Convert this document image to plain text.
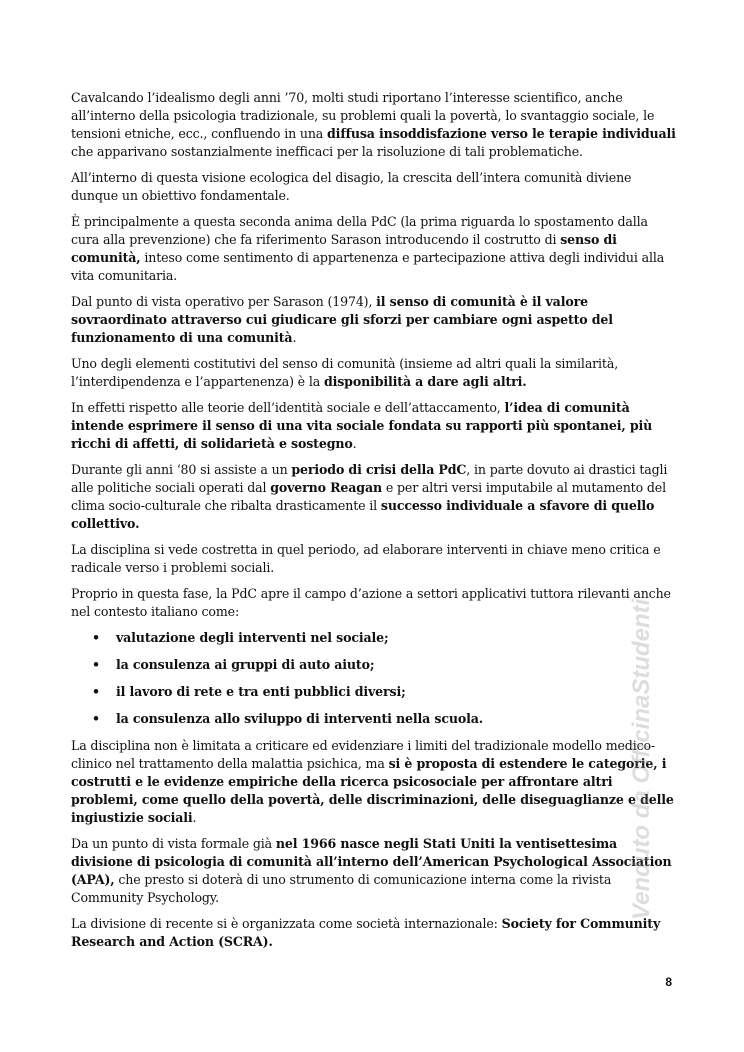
Cavalcando l’idealismo degli anni ’70, molti studi riportano l’interesse scientifico, anche all’interno della psicologia tradizionale, su problemi quali la povertà, lo svantaggio sociale, le tensioni etniche, ecc., confluendo in una diffusa insoddisfazione verso le terapie individuali che apparivano sostanzialmente inefficaci per la risoluzione di tali problematiche.

All’interno di questa visione ecologica del disagio, la crescita dell’intera comunità diviene dunque un obiettivo fondamentale.

È principalmente a questa seconda anima della PdC (la prima riguarda lo spostamento dalla cura alla prevenzione) che fa riferimento Sarason introducendo il costrutto di senso di comunità, inteso come sentimento di appartenenza e partecipazione attiva degli individui alla vita comunitaria.

Dal punto di vista operativo per Sarason (1974), il senso di comunità è il valore sovraordinato attraverso cui giudicare gli sforzi per cambiare ogni aspetto del funzionamento di una comunità.

Uno degli elementi costitutivi del senso di comunità (insieme ad altri quali la similarità, l’interdipendenza e l’appartenenza) è la disponibilità a dare agli altri.

In effetti rispetto alle teorie dell’identità sociale e dell’attaccamento, l’idea di comunità intende esprimere il senso di una vita sociale fondata su rapporti più spontanei, più ricchi di affetti, di solidarietà e sostegno.

Durante gli anni ‘80 si assiste a un periodo di crisi della PdC, in parte dovuto ai drastici tagli alle politiche sociali operati dal governo Reagan e per altri versi imputabile al mutamento del clima socio-culturale che ribalta drasticamente il successo individuale a sfavore di quello collettivo.

La disciplina si vede costretta in quel periodo, ad elaborare interventi in chiave meno critica e radicale verso i problemi sociali.

Proprio in questa fase, la PdC apre il campo d’azione a settori applicativi tuttora rilevanti anche nel contesto italiano come:

• valutazione degli interventi nel sociale;
• la consulenza ai gruppi di auto aiuto;
• il lavoro di rete e tra enti pubblici diversi;
• la consulenza allo sviluppo di interventi nella scuola.

La disciplina non è limitata a criticare ed evidenziare i limiti del tradizionale modello medico-clinico nel trattamento della malattia psichica, ma si è proposta di estendere le categorie, i costrutti e le evidenze empiriche della ricerca psicosociale per affrontare altri problemi, come quello della povertà, delle discriminazioni, delle diseguaglianze e delle ingiustizie sociali.

Da un punto di vista formale già nel 1966 nasce negli Stati Uniti la ventisettesima divisione di psicologia di comunità all’interno dell’American Psychological Association (APA), che presto si doterà di uno strumento di comunicazione interna come la rivista Community Psychology.

La divisione di recente si è organizzata come società internazionale: Society for Community Research and Action (SCRA).

8
Venduto da OfficinaStudenti
